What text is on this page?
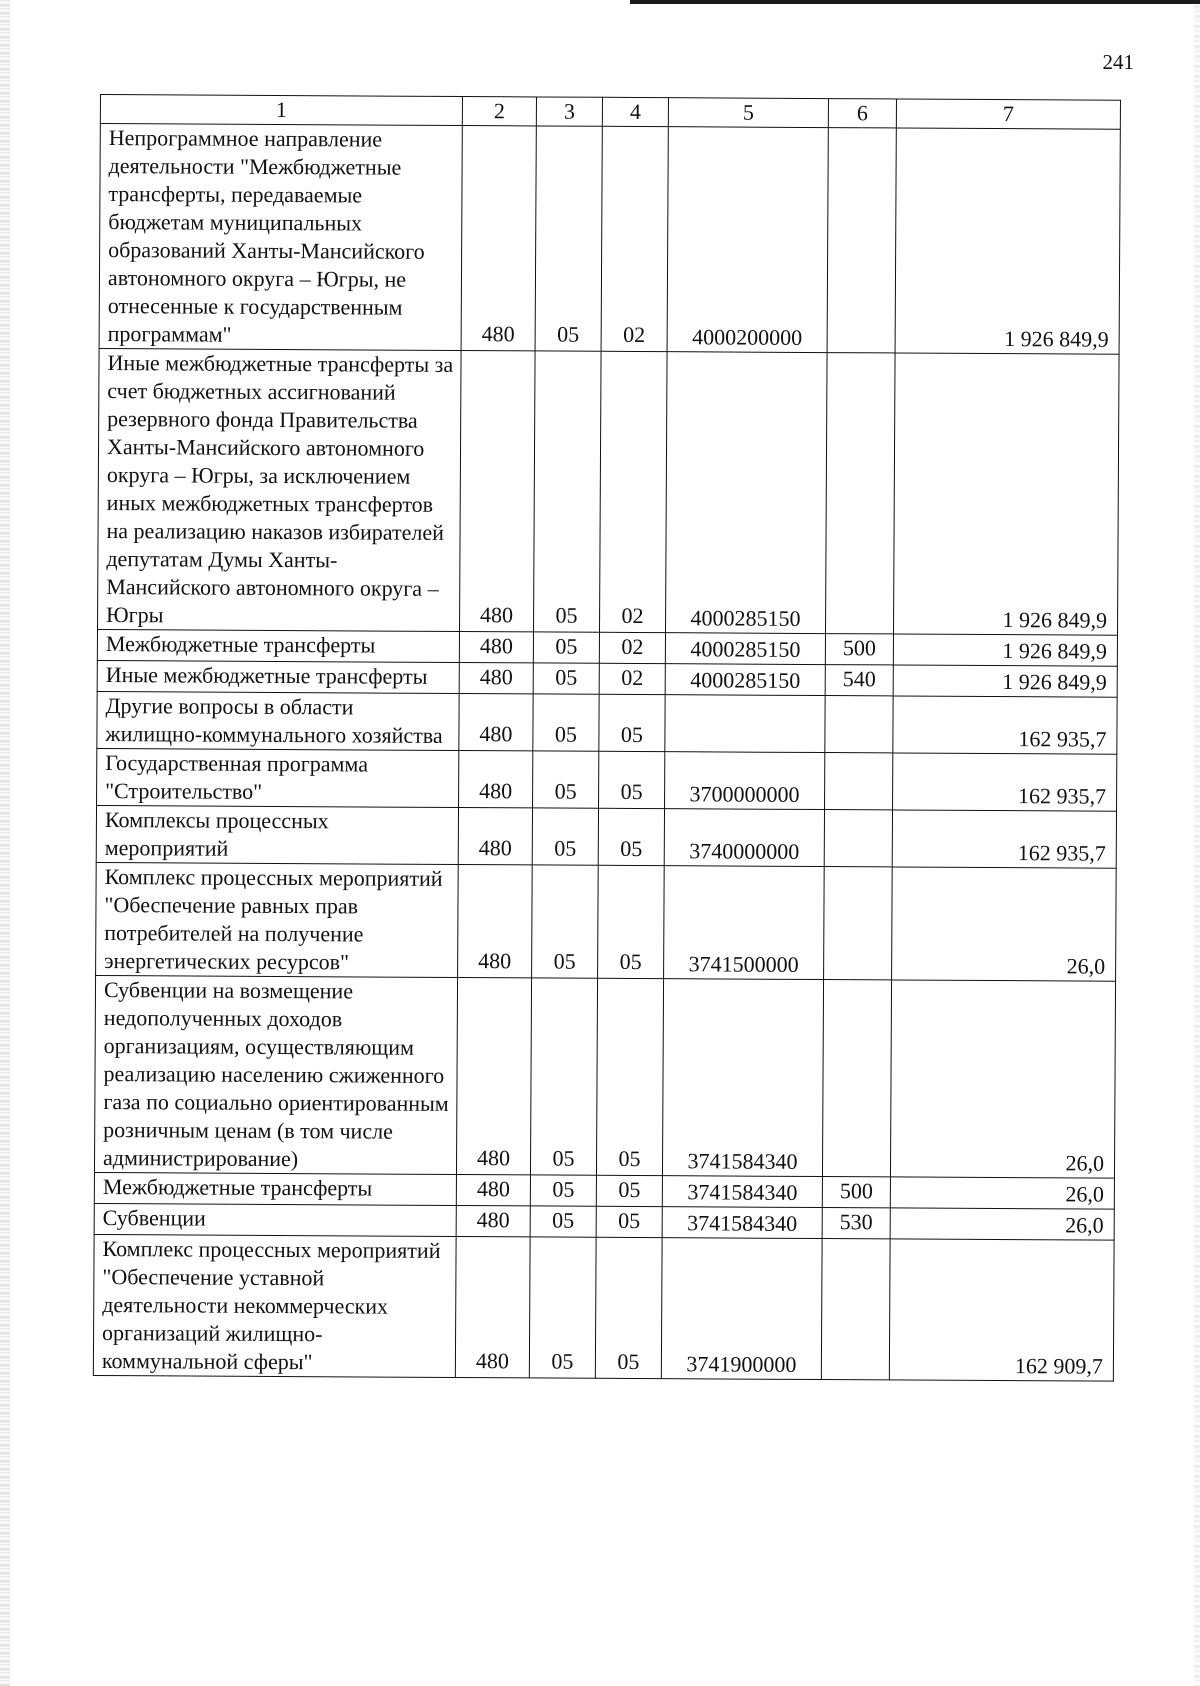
241
1	2	3	4	5	6	7
Непрограммное направление деятельности "Межбюджетные трансферты, передаваемые бюджетам муниципальных образований Ханты-Мансийского автономного округа – Югры, не отнесенные к государственным программам"	480	05	02	4000200000		1 926 849,9
Иные межбюджетные трансферты за счет бюджетных ассигнований резервного фонда Правительства Ханты-Мансийского автономного округа – Югры, за исключением иных межбюджетных трансфертов на реализацию наказов избирателей депутатам Думы Ханты-Мансийского автономного округа – Югры	480	05	02	4000285150		1 926 849,9
Межбюджетные трансферты	480	05	02	4000285150	500	1 926 849,9
Иные межбюджетные трансферты	480	05	02	4000285150	540	1 926 849,9
Другие вопросы в области жилищно-коммунального хозяйства	480	05	05			162 935,7
Государственная программа "Строительство"	480	05	05	3700000000		162 935,7
Комплексы процессных мероприятий	480	05	05	3740000000		162 935,7
Комплекс процессных мероприятий "Обеспечение равных прав потребителей на получение энергетических ресурсов"	480	05	05	3741500000		26,0
Субвенции на возмещение недополученных доходов организациям, осуществляющим реализацию населению сжиженного газа по социально ориентированным розничным ценам (в том числе администрирование)	480	05	05	3741584340		26,0
Межбюджетные трансферты	480	05	05	3741584340	500	26,0
Субвенции	480	05	05	3741584340	530	26,0
Комплекс процессных мероприятий "Обеспечение уставной деятельности некоммерческих организаций жилищно-коммунальной сферы"	480	05	05	3741900000		162 909,7
